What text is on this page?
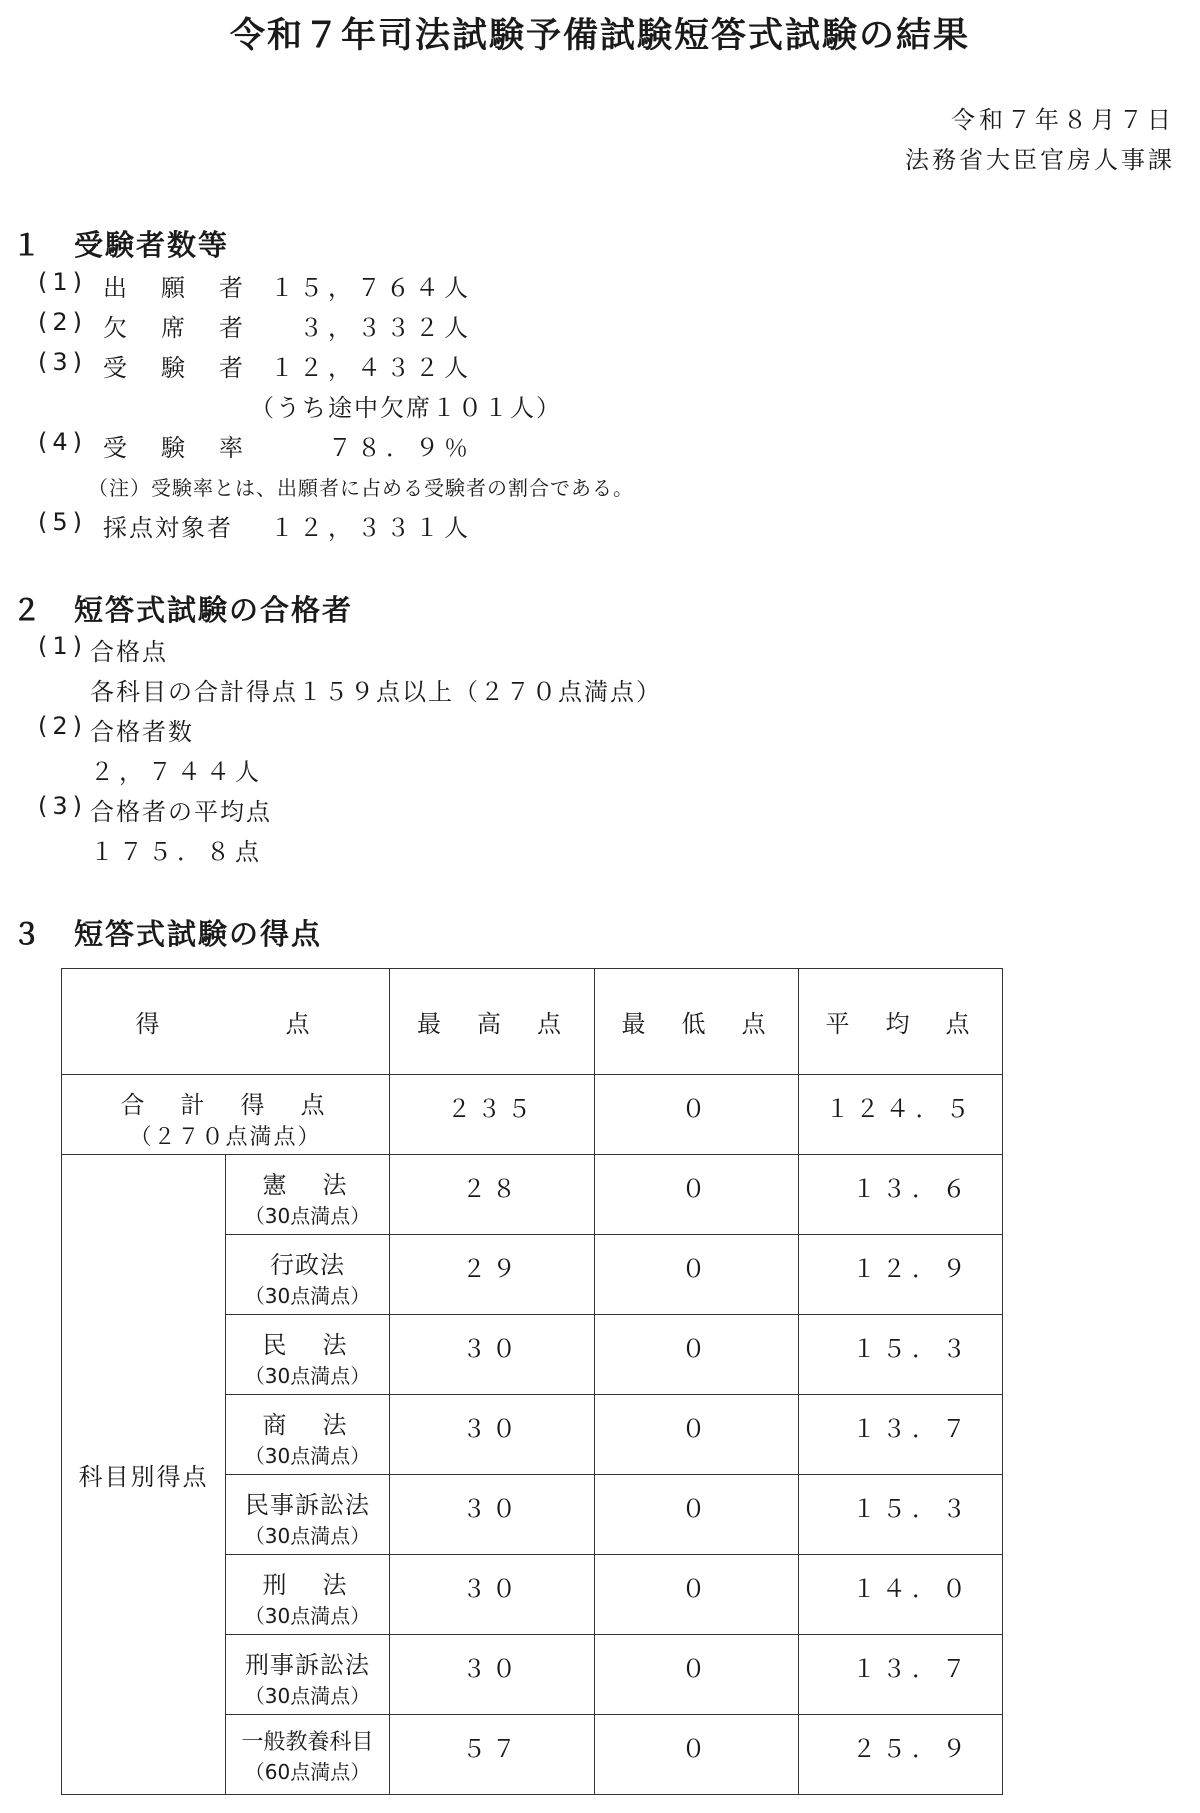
令和７年司法試験予備試験短答式試験の結果
令和７年８月７日
法務省大臣官房人事課
１　受験者数等
(1) 出　願　者 １５，７６４人
(2) 欠　席　者 　３，３３２人
(3) 受　験　者 １２，４３２人
（うち途中欠席１０１人）
(4) 受　験　率 　　７８．９％
（注）受験率とは、出願者に占める受験者の割合である。
(5) 採点対象者 １２，３３１人
２　短答式試験の合格者
(1) 合格点
各科目の合計得点１５９点以上（２７０点満点）
(2) 合格者数
２，７４４人
(3) 合格者の平均点
１７５．８点
３　短答式試験の得点
得　　　　点		最　高　点	最　低　点	平　均　点

合　計　得　点
（２７０点満点）		２３５	０	１２４．５
科目別得点	憲　法
（30点満点）	２８	０	１３．６

	行政法
（30点満点）	２９	０	１２．９

	民　法
（30点満点）	３０	０	１５．３

	商　法
（30点満点）	３０	０	１３．７

	民事訴訟法
（30点満点）	３０	０	１５．３

	刑　法
（30点満点）	３０	０	１４．０

	刑事訴訟法
（30点満点）	３０	０	１３．７

	一般教養科目
（60点満点）	５７	０	２５．９
